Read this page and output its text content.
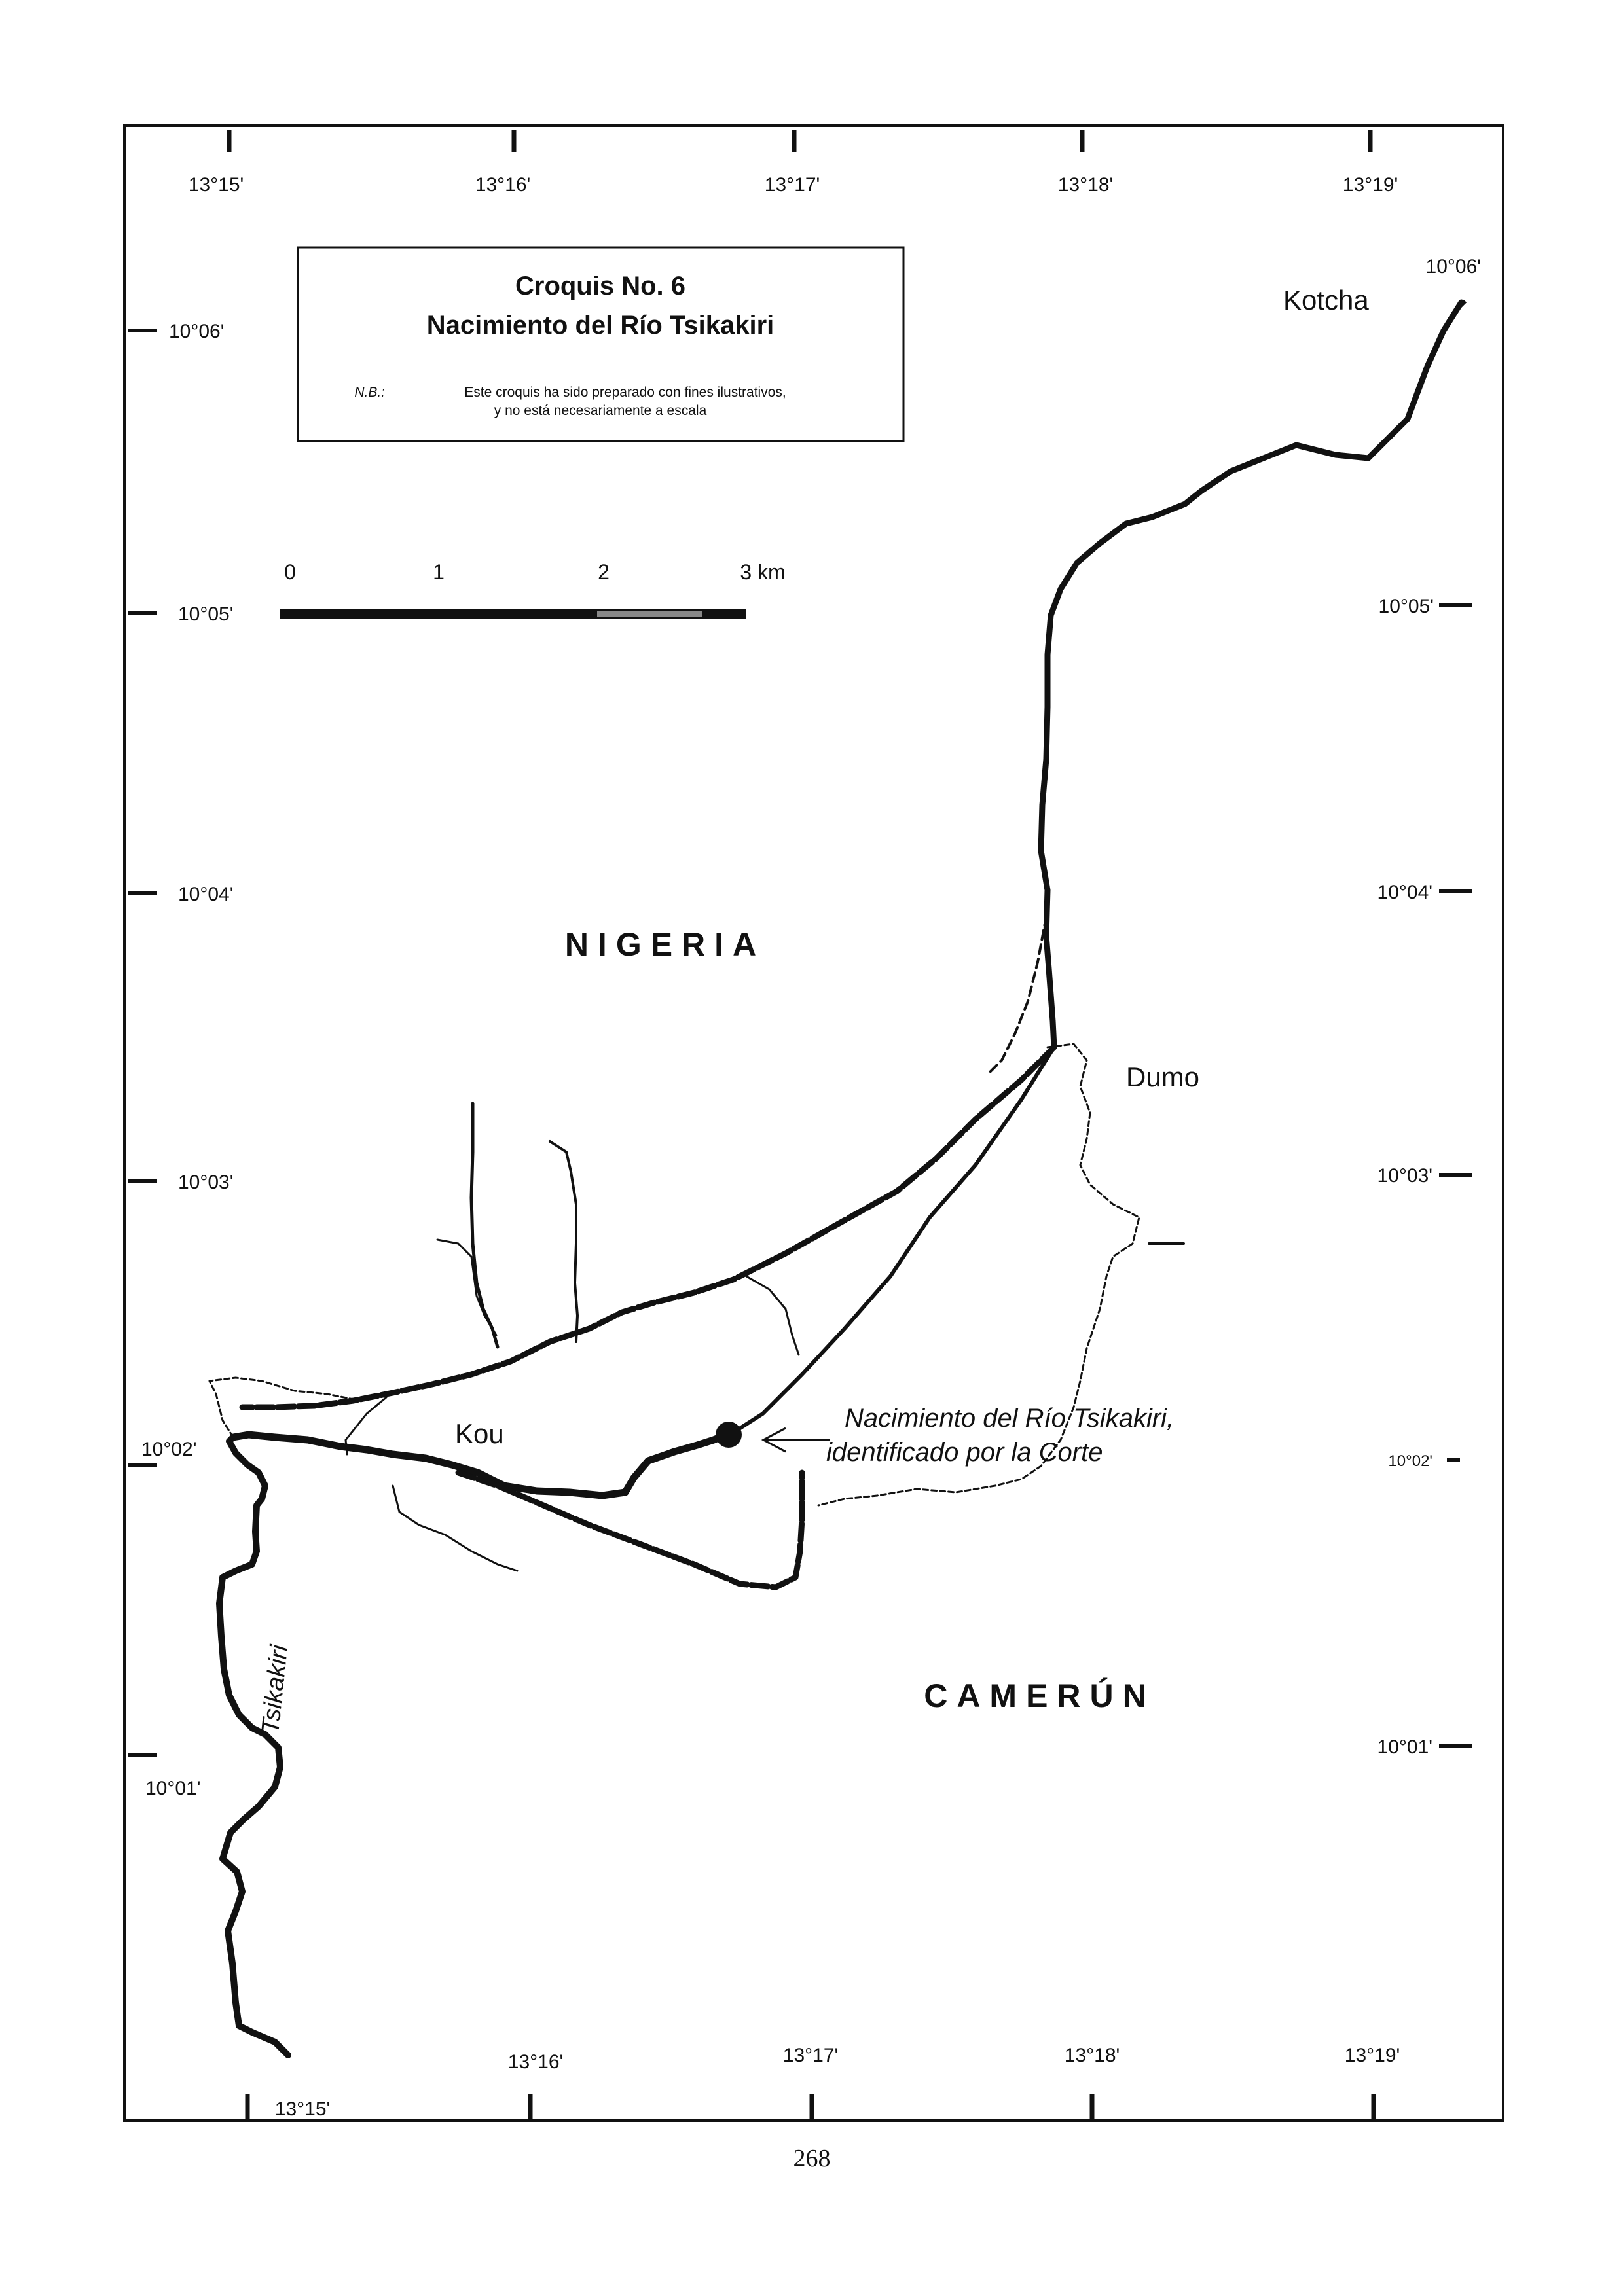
13°15'	13°16'	13°17'	13°18'	13°19'
13°15'
13°16'	13°17'	13°18'	13°19'
10°06'
10°05'
10°04'
10°03'
10°02'
10°01'
10°06'
10°05'
10°04'
10°03'
10°02'
10°01'
Croquis No. 6
Nacimiento del Río Tsikakiri
N.B.:	Este croquis ha sido preparado con fines ilustrativos,
y no está necesariamente a escala
0	1	2	3 km
Kotcha
Dumo
Kou
NIGERIA
CAMERÚN
Tsikakiri
Nacimiento del Río Tsikakiri,
identificado por la Corte
268
